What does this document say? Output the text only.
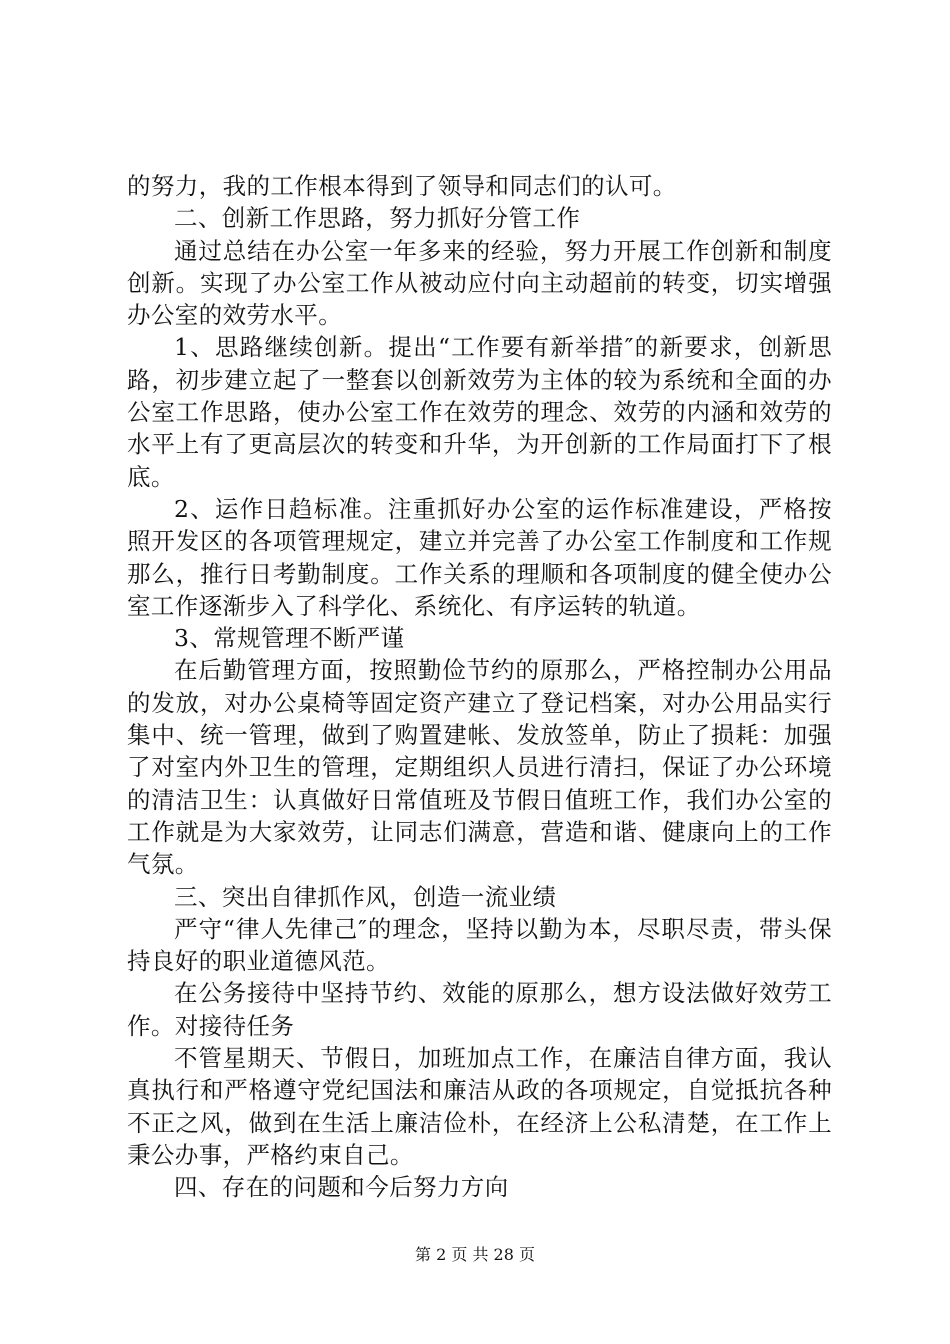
的努力，我的工作根本得到了领导和同志们的认可。

二、创新工作思路，努力抓好分管工作

通过总结在办公室一年多来的经验，努力开展工作创新和制度创新。实现了办公室工作从被动应付向主动超前的转变，切实增强办公室的效劳水平。

1、思路继续创新。提出“工作要有新举措″的新要求，创新思路，初步建立起了一整套以创新效劳为主体的较为系统和全面的办公室工作思路，使办公室工作在效劳的理念、效劳的内涵和效劳的水平上有了更高层次的转变和升华，为开创新的工作局面打下了根底。

2、运作日趋标准。注重抓好办公室的运作标准建设，严格按照开发区的各项管理规定，建立并完善了办公室工作制度和工作规那么，推行日考勤制度。工作关系的理顺和各项制度的健全使办公室工作逐渐步入了科学化、系统化、有序运转的轨道。

3、常规管理不断严谨

在后勤管理方面，按照勤俭节约的原那么，严格控制办公用品的发放，对办公桌椅等固定资产建立了登记档案，对办公用品实行集中、统一管理，做到了购置建帐、发放签单，防止了损耗：加强了对室内外卫生的管理，定期组织人员进行清扫，保证了办公环境的清洁卫生：认真做好日常值班及节假日值班工作，我们办公室的工作就是为大家效劳，让同志们满意，营造和谐、健康向上的工作气氛。

三、突出自律抓作风，创造一流业绩

严守“律人先律己″的理念，坚持以勤为本，尽职尽责，带头保持良好的职业道德风范。

在公务接待中坚持节约、效能的原那么，想方设法做好效劳工作。对接待任务

不管星期天、节假日，加班加点工作，在廉洁自律方面，我认真执行和严格遵守党纪国法和廉洁从政的各项规定，自觉抵抗各种不正之风，做到在生活上廉洁俭朴，在经济上公私清楚，在工作上秉公办事，严格约束自己。

四、存在的问题和今后努力方向

第 2 页 共 28 页
